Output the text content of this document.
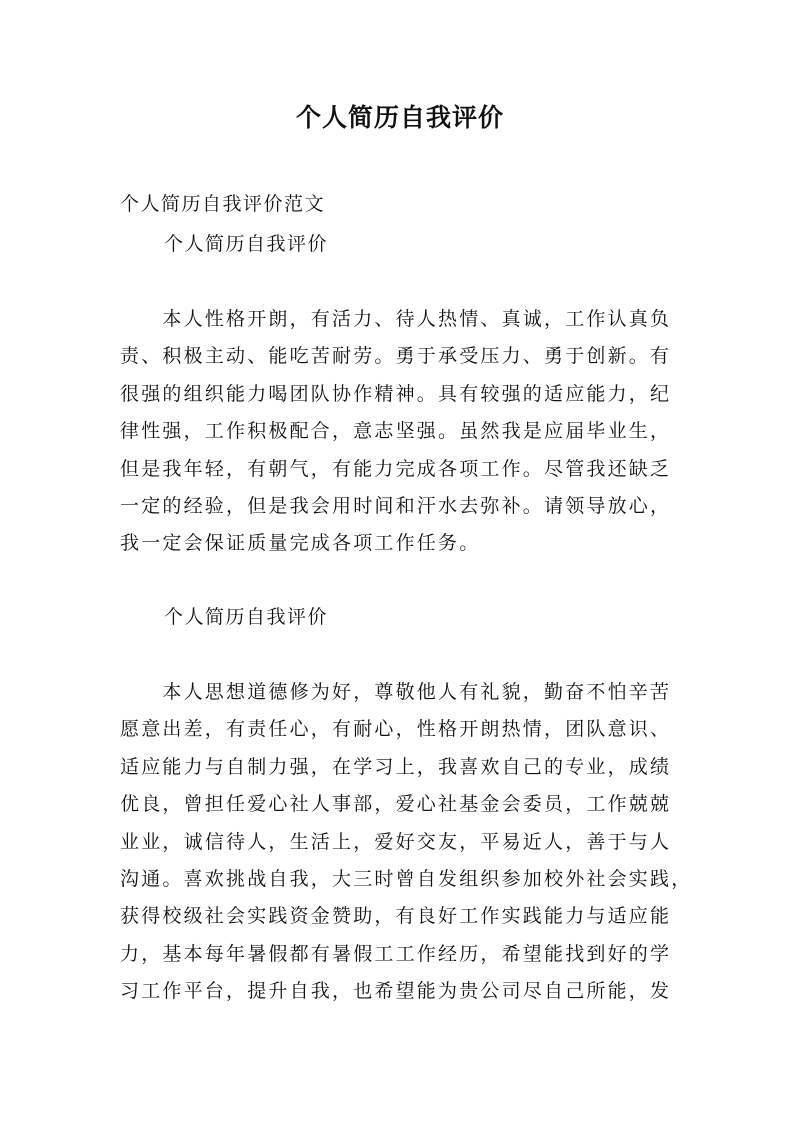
个人简历自我评价
个人简历自我评价范文
个人简历自我评价
　　本人性格开朗，有活力、待人热情、真诚，工作认真负
责、积极主动、能吃苦耐劳。勇于承受压力、勇于创新。有
很强的组织能力喝团队协作精神。具有较强的适应能力，纪
律性强，工作积极配合，意志坚强。虽然我是应届毕业生，
但是我年轻，有朝气，有能力完成各项工作。尽管我还缺乏
一定的经验，但是我会用时间和汗水去弥补。请领导放心，
我一定会保证质量完成各项工作任务。
个人简历自我评价
　　本人思想道德修为好，尊敬他人有礼貌，勤奋不怕辛苦
愿意出差，有责任心，有耐心，性格开朗热情，团队意识、
适应能力与自制力强，在学习上，我喜欢自己的专业，成绩
优良，曾担任爱心社人事部，爱心社基金会委员，工作兢兢
业业，诚信待人，生活上，爱好交友，平易近人，善于与人
沟通。喜欢挑战自我，大三时曾自发组织参加校外社会实践，
获得校级社会实践资金赞助，有良好工作实践能力与适应能
力，基本每年暑假都有暑假工工作经历，希望能找到好的学
习工作平台，提升自我，也希望能为贵公司尽自己所能，发
